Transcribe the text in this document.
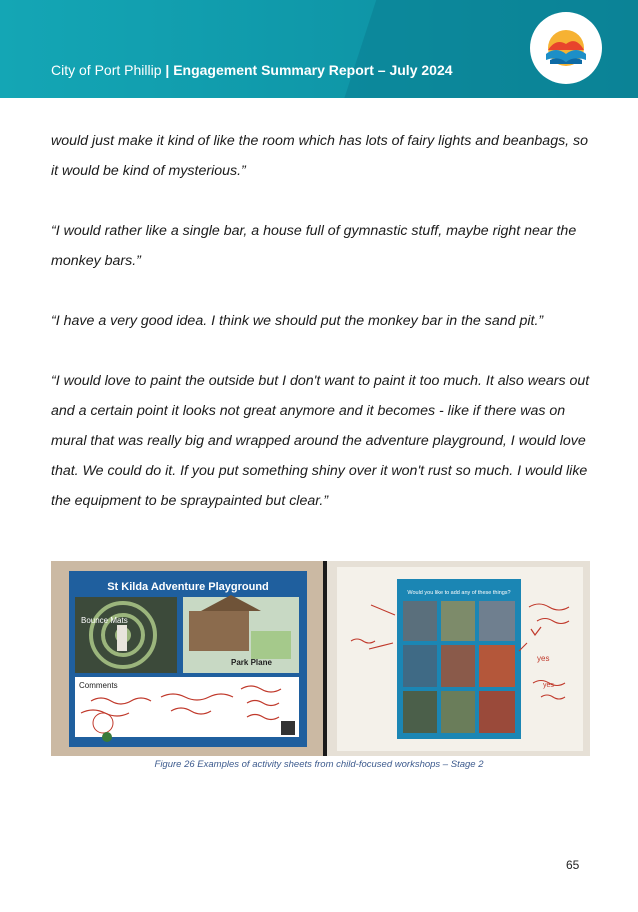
City of Port Phillip | Engagement Summary Report – July 2024

would just make it kind of like the room which has lots of fairy lights and beanbags, so it would be kind of mysterious.”

“I would rather like a single bar, a house full of gymnastic stuff, maybe right near the monkey bars.”

“I have a very good idea. I think we should put the monkey bar in the sand pit.”

“I would love to paint the outside but I don't want to paint it too much. It also wears out and a certain point it looks not great anymore and it becomes - like if there was on mural that was really big and wrapped around the adventure playground, I would love that. We could do it. If you put something shiny over it won't rust so much. I would like the equipment to be spraypainted but clear.”

St Kilda Adventure Playground
Bounce Mats
Park Plane
Comments
Would you like to add any of these things?
yes
yes
Figure 26 Examples of activity sheets from child-focused workshops – Stage 2
65
